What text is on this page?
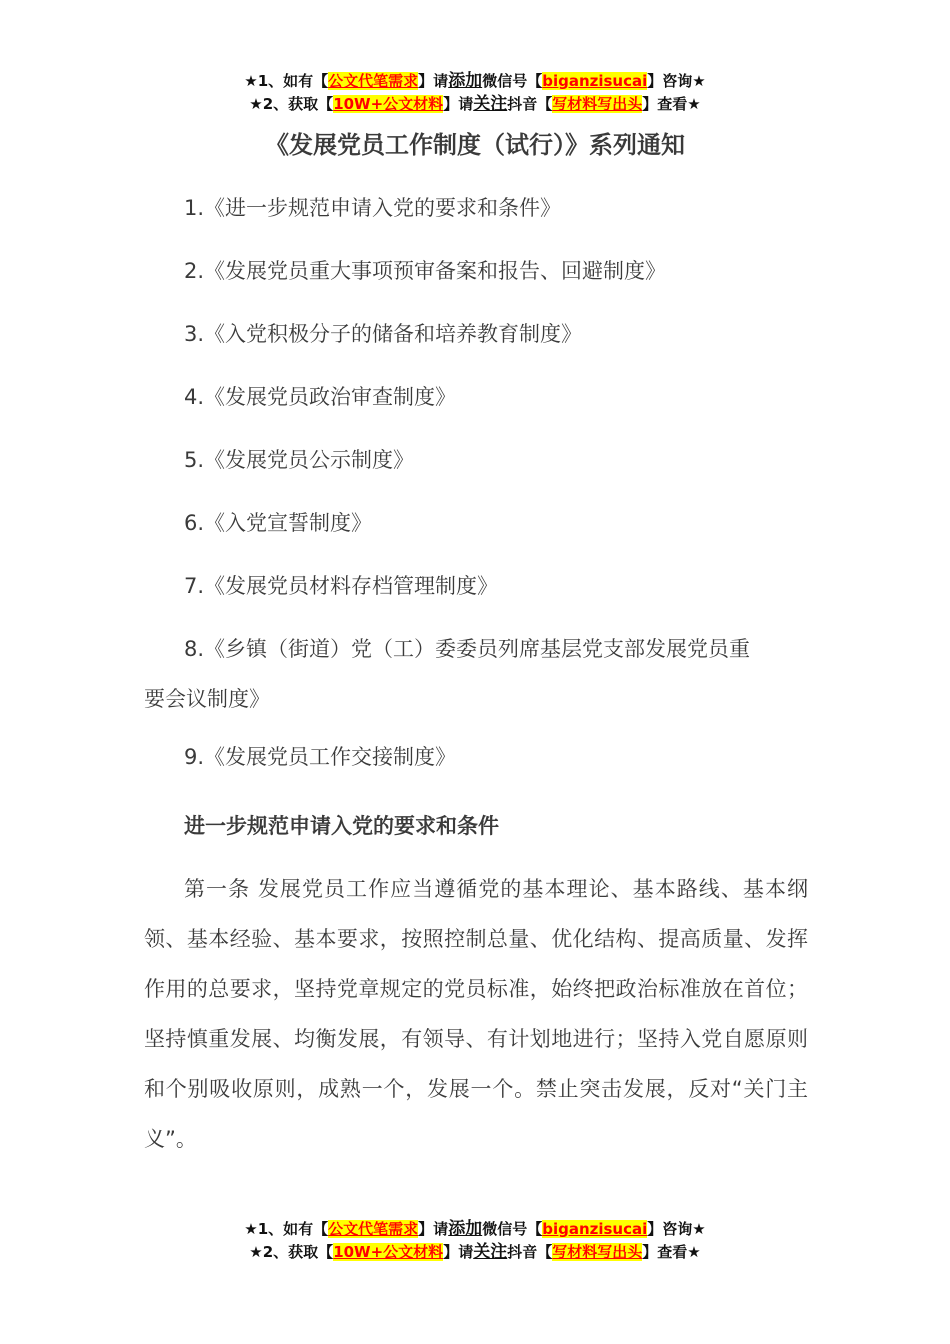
★1、如有【公文代笔需求】请添加微信号【biganzisucai】咨询★
★2、获取【10W+公文材料】请关注抖音【写材料写出头】查看★
《发展党员工作制度（试行）》系列通知

1.《进一步规范申请入党的要求和条件》

2.《发展党员重大事项预审备案和报告、回避制度》

3.《入党积极分子的储备和培养教育制度》

4.《发展党员政治审查制度》

5.《发展党员公示制度》

6.《入党宣誓制度》

7.《发展党员材料存档管理制度》

8.《乡镇（街道）党（工）委委员列席基层党支部发展党员重
要会议制度》

9.《发展党员工作交接制度》

进一步规范申请入党的要求和条件

第一条 发展党员工作应当遵循党的基本理论、基本路线、基本纲领、基本经验、基本要求，按照控制总量、优化结构、提高质量、发挥作用的总要求，坚持党章规定的党员标准，始终把政治标准放在首位；坚持慎重发展、均衡发展，有领导、有计划地进行；坚持入党自愿原则和个别吸收原则，成熟一个，发展一个。禁止突击发展，反对“关门主义”。

★1、如有【公文代笔需求】请添加微信号【biganzisucai】咨询★
★2、获取【10W+公文材料】请关注抖音【写材料写出头】查看★
